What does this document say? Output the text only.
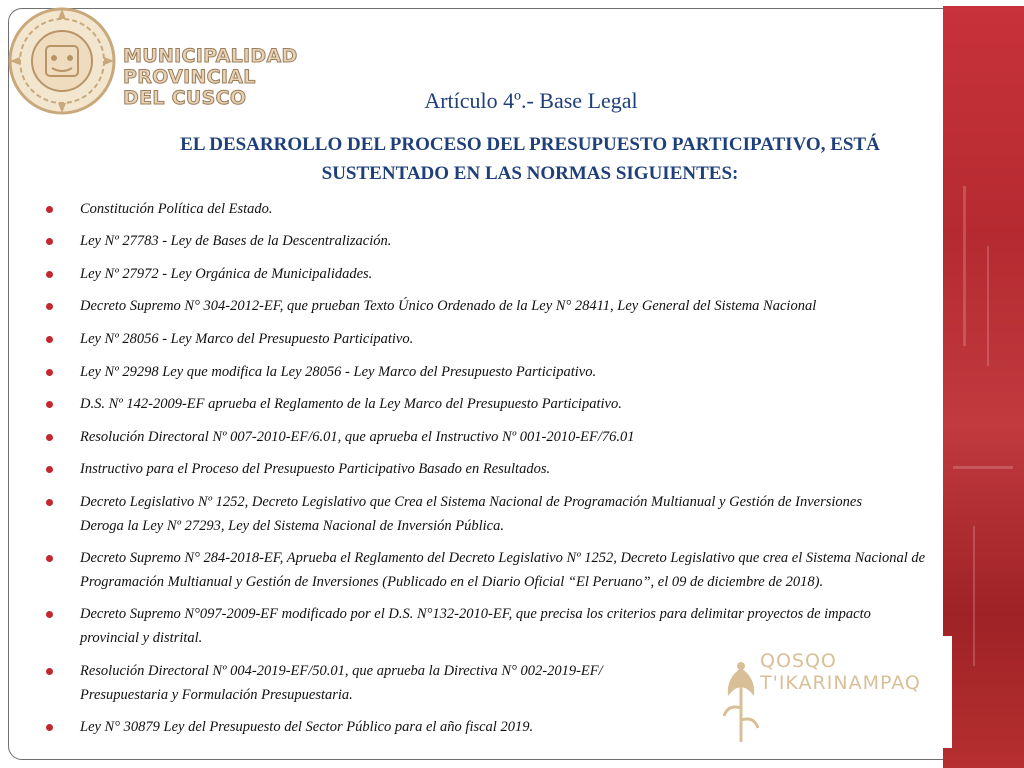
MUNICIPALIDAD
PROVINCIAL
DEL CUSCO	Artículo 4º.- Base Legal
EL DESARROLLO DEL PROCESO DEL PRESUPUESTO PARTICIPATIVO, ESTÁ
SUSTENTADO EN LAS NORMAS SIGUIENTES:
Constitución Política del Estado.
Ley Nº 27783 - Ley de Bases de la Descentralización.
Ley Nº 27972 - Ley Orgánica de Municipalidades.
Decreto Supremo N° 304-2012-EF, que prueban Texto Único Ordenado de la Ley N° 28411, Ley General del Sistema Nacional
Ley Nº 28056 - Ley Marco del Presupuesto Participativo.
Ley Nº 29298 Ley que modifica la Ley 28056 - Ley Marco del Presupuesto Participativo.
D.S. Nº 142-2009-EF aprueba el Reglamento de la Ley Marco del Presupuesto Participativo.
Resolución Directoral Nº 007-2010-EF/6.01, que aprueba el Instructivo Nº 001-2010-EF/76.01
Instructivo para el Proceso del Presupuesto Participativo Basado en Resultados.
Decreto Legislativo Nº 1252, Decreto Legislativo que Crea el Sistema Nacional de Programación Multianual y Gestión de Inversiones
Deroga la Ley Nº 27293, Ley del Sistema Nacional de Inversión Pública.
Decreto Supremo N° 284-2018-EF, Aprueba el Reglamento del Decreto Legislativo Nº 1252, Decreto Legislativo que crea el Sistema Nacional de
Programación Multianual y Gestión de Inversiones (Publicado en el Diario Oficial “El Peruano”, el 09 de diciembre de 2018).
Decreto Supremo N°097-2009-EF modificado por el D.S. N°132-2010-EF, que precisa los criterios para delimitar proyectos de impacto
provincial y distrital.
Resolución Directoral Nº 004-2019-EF/50.01, que aprueba la Directiva N° 002-2019-EF/
Presupuestaria y Formulación Presupuestaria.
Ley N° 30879 Ley del Presupuesto del Sector Público para el año fiscal 2019.
QOSQO
T'IKARINAMPAQ
